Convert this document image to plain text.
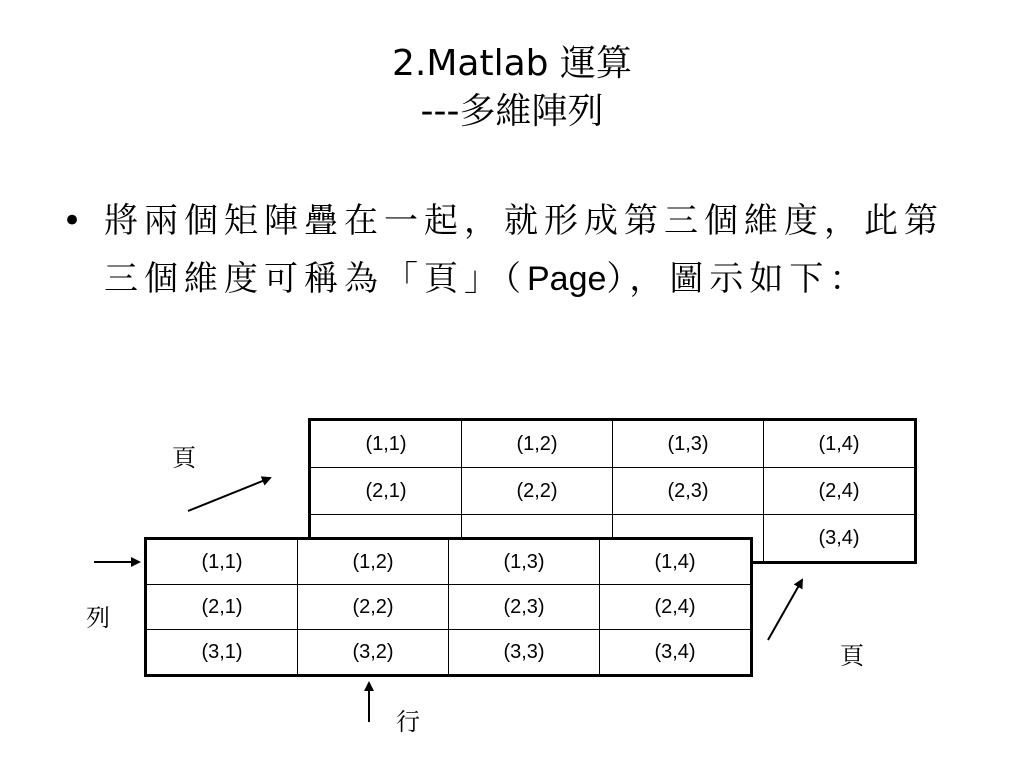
2.Matlab 運算
---多維陣列
• 將兩個矩陣疊在一起，就形成第三個維度，此第三個維度可稱為「頁」（Page），圖示如下：
(1,1)	(1,2)	(1,3)	(1,4)
(2,1)	(2,2)	(2,3)	(2,4)
			(3,4)
(1,1)	(1,2)	(1,3)	(1,4)
(2,1)	(2,2)	(2,3)	(2,4)
(3,1)	(3,2)	(3,3)	(3,4)
頁
列
頁
行
